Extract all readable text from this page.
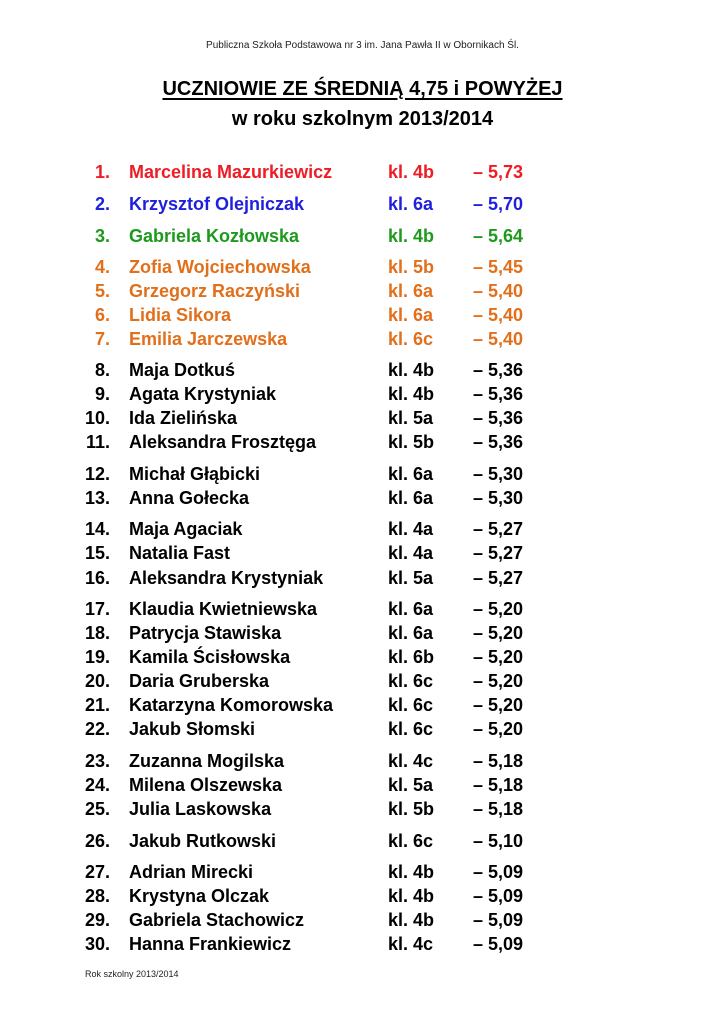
Publiczna Szkoła Podstawowa nr 3 im. Jana Pawła II w Obornikach Śl.
UCZNIOWIE ZE ŚREDNIĄ 4,75 i POWYŻEJ
w roku szkolnym 2013/2014
1. Marcelina Mazurkiewicz	kl. 4b – 5,73
2. Krzysztof Olejniczak	kl. 6a – 5,70
3. Gabriela Kozłowska	kl. 4b – 5,64
4. Zofia Wojciechowska	kl. 5b – 5,45
5. Grzegorz Raczyński	kl. 6a – 5,40
6. Lidia Sikora	kl. 6a – 5,40
7. Emilia Jarczewska	kl. 6c – 5,40
8. Maja Dotkuś	kl. 4b – 5,36
9. Agata Krystyniak	kl. 4b – 5,36
10. Ida Zielińska	kl. 5a – 5,36
11. Aleksandra Frosztęga	kl. 5b – 5,36
12. Michał Głąbicki	kl. 6a – 5,30
13. Anna Gołecka	kl. 6a – 5,30
14. Maja Agaciak	kl. 4a – 5,27
15. Natalia Fast	kl. 4a – 5,27
16. Aleksandra Krystyniak	kl. 5a – 5,27
17. Klaudia Kwietniewska	kl. 6a – 5,20
18. Patrycja Stawiska	kl. 6a – 5,20
19. Kamila Ścisłowska	kl. 6b – 5,20
20. Daria Gruberska	kl. 6c – 5,20
21. Katarzyna Komorowska	kl. 6c – 5,20
22. Jakub Słomski	kl. 6c – 5,20
23. Zuzanna Mogilska	kl. 4c – 5,18
24. Milena Olszewska	kl. 5a – 5,18
25. Julia Laskowska	kl. 5b – 5,18
26. Jakub Rutkowski	kl. 6c – 5,10
27. Adrian Mirecki	kl. 4b – 5,09
28. Krystyna Olczak	kl. 4b – 5,09
29. Gabriela Stachowicz	kl. 4b – 5,09
30. Hanna Frankiewicz	kl. 4c – 5,09
Rok szkolny 2013/2014
